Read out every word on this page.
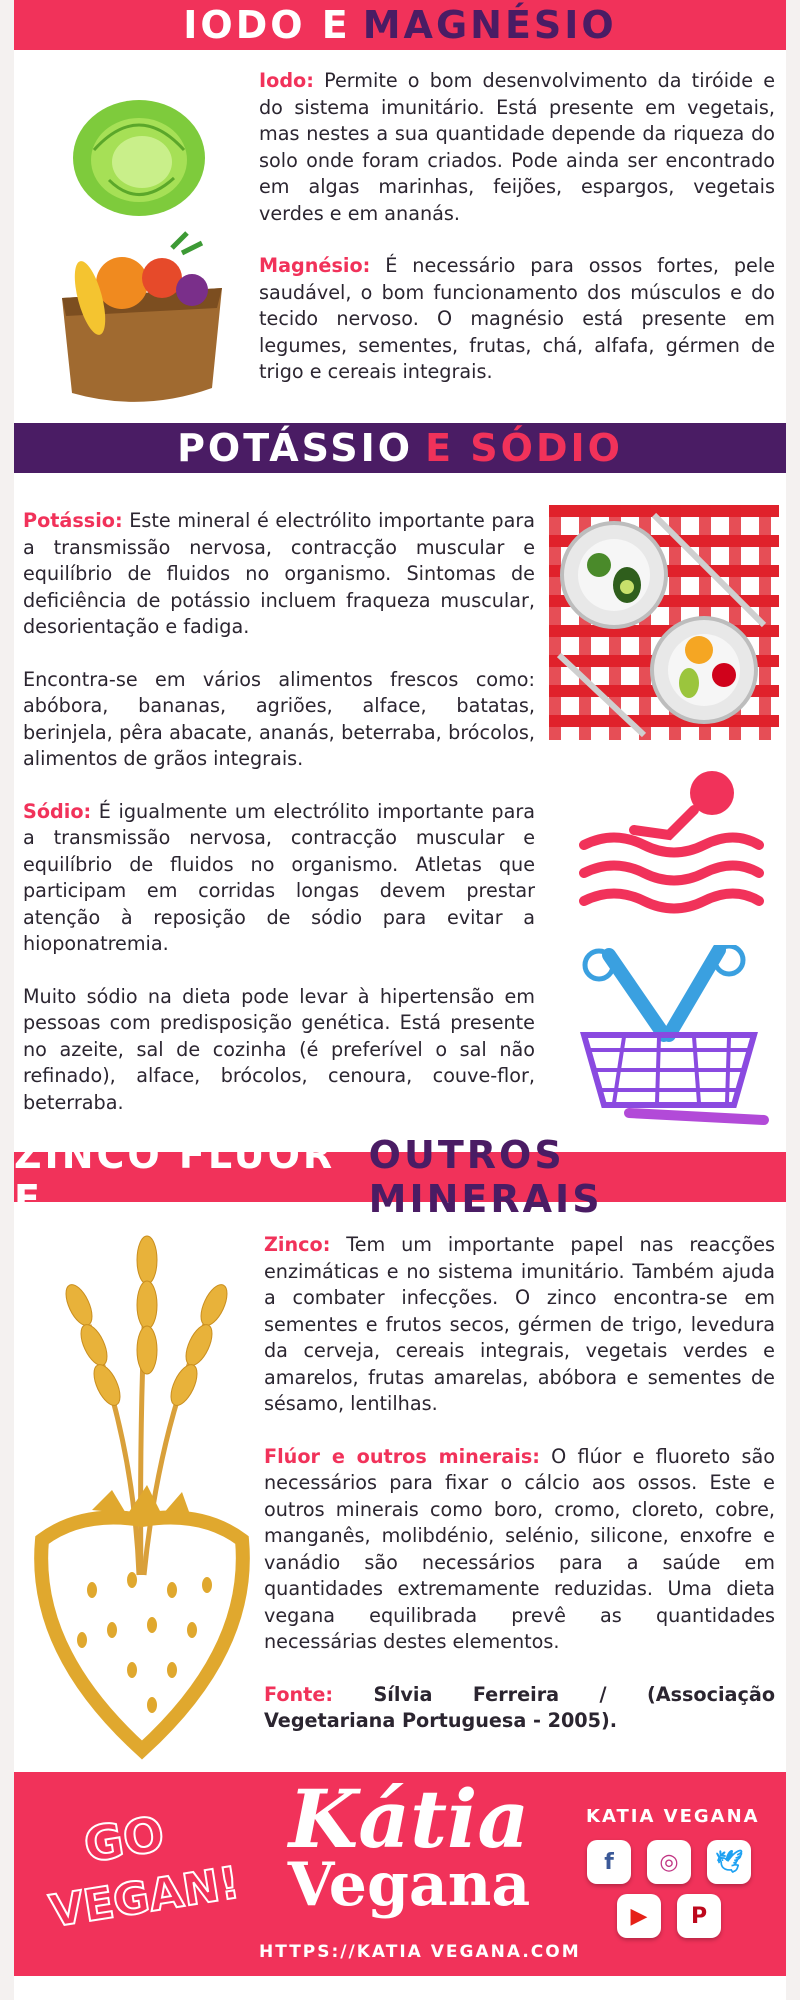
IODO E MAGNÉSIO

Iodo: Permite o bom desenvolvimento da tiróide e do sistema imunitário. Está presente em vegetais, mas nestes a sua quantidade depende da riqueza do solo onde foram criados. Pode ainda ser encontrado em algas marinhas, feijões, espargos, vegetais verdes e em ananás.

Magnésio: É necessário para ossos fortes, pele saudável, o bom funcionamento dos músculos e do tecido nervoso. O magnésio está presente em legumes, sementes, frutas, chá, alfafa, gérmen de trigo e cereais integrais.

POTÁSSIO E SÓDIO

Potássio: Este mineral é electrólito importante para a transmissão nervosa, contracção muscular e equilíbrio de fluidos no organismo. Sintomas de deficiência de potássio incluem fraqueza muscular, desorientação e fadiga.

Encontra-se em vários alimentos frescos como: abóbora, bananas, agriões, alface, batatas, berinjela, pêra abacate, ananás, beterraba, brócolos, alimentos de grãos integrais.

Sódio: É igualmente um electrólito importante para a transmissão nervosa, contracção muscular e equilíbrio de fluidos no organismo. Atletas que participam em corridas longas devem prestar atenção à reposição de sódio para evitar a hioponatremia.

Muito sódio na dieta pode levar à hipertensão em pessoas com predisposição genética. Está presente no azeite, sal de cozinha (é preferível o sal não refinado), alface, brócolos, cenoura, couve-flor, beterraba.

ZINCO FLÚOR E
OUTROS MINERAIS

Zinco: Tem um importante papel nas reacções enzimáticas e no sistema imunitário. Também ajuda a combater infecções. O zinco encontra-se em sementes e frutos secos, gérmen de trigo, levedura da cerveja, cereais integrais, vegetais verdes e amarelos, frutas amarelas, abóbora e sementes de sésamo, lentilhas.

Flúor e outros minerais: O flúor e fluoreto são necessários para fixar o cálcio aos ossos. Este e outros minerais como boro, cromo, cloreto, cobre, manganês, molibdénio, selénio, silicone, enxofre e vanádio são necessários para a saúde em quantidades extremamente reduzidas. Uma dieta vegana equilibrada prevê as quantidades necessárias destes elementos.

Fonte: Sílvia Ferreira / (Associação Vegetariana Portuguesa - 2005).

GO
VEGAN!
Kátia
Vegana
HTTPS://KATIA VEGANA.COM
KATIA VEGANA
f	◎	🕊
▶	P
